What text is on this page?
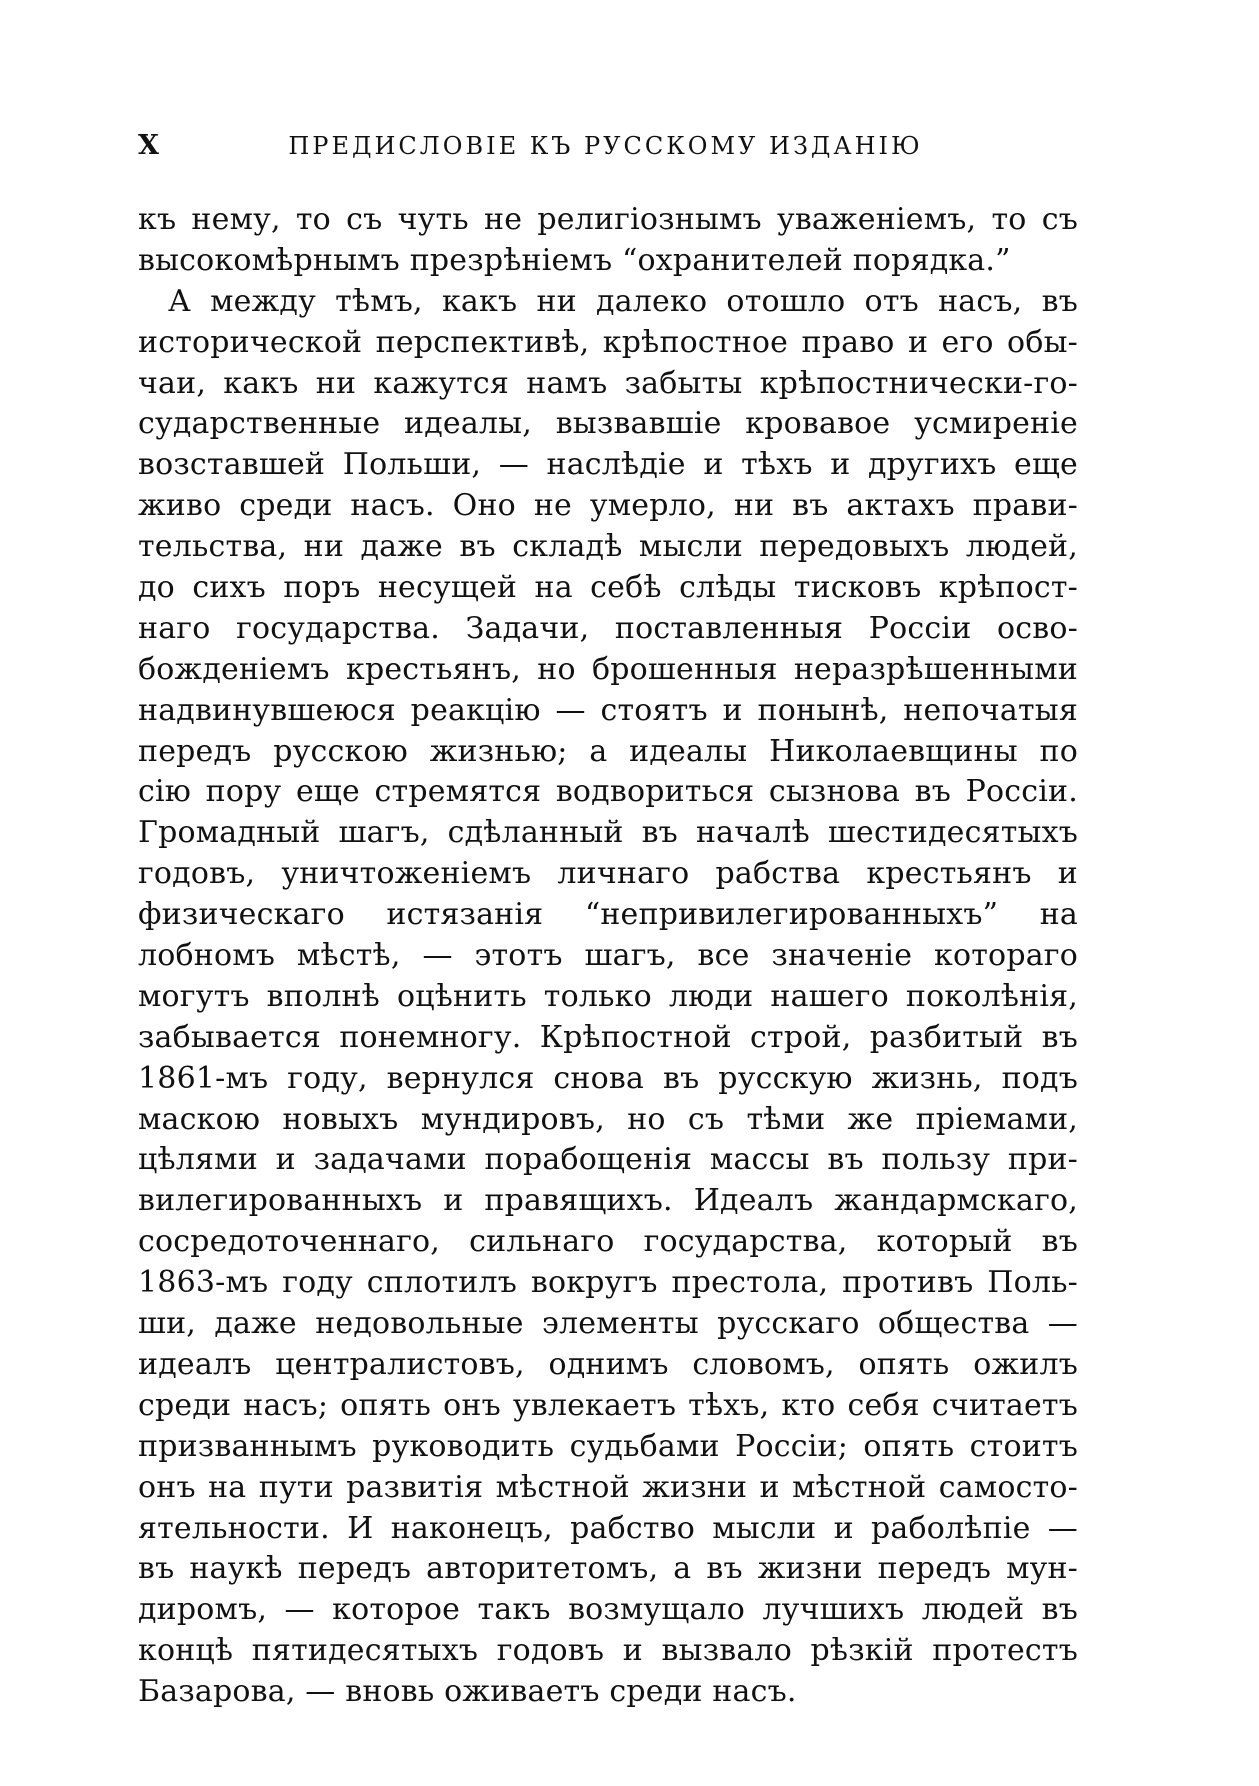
X	ПРЕДИСЛОВІЕ КЪ РУССКОМУ ИЗДАНІЮ
къ нему, то съ чуть не религіознымъ уваженіемъ, то съ
высокомѣрнымъ презрѣніемъ “охранителей порядка.”
А между тѣмъ, какъ ни далеко отошло отъ насъ, въ
исторической перспективѣ, крѣпостное право и его обы-
чаи, какъ ни кажутся намъ забыты крѣпостнически-го-
сударственные идеалы, вызвавшіе кровавое усмиреніе
возставшей Польши, — наслѣдіе и тѣхъ и другихъ еще
живо среди насъ. Оно не умерло, ни въ актахъ прави-
тельства, ни даже въ складѣ мысли передовыхъ людей,
до сихъ поръ несущей на себѣ слѣды тисковъ крѣпост-
наго государства. Задачи, поставленныя Россіи осво-
божденіемъ крестьянъ, но брошенныя неразрѣшенными
надвинувшеюся реакцію — стоятъ и понынѣ, непочатыя
передъ русскою жизнью; а идеалы Николаевщины по
сію пору еще стремятся водвориться сызнова въ Россіи.
Громадный шагъ, сдѣланный въ началѣ шестидесятыхъ
годовъ, уничтоженіемъ личнаго рабства крестьянъ и
физическаго истязанія “непривилегированныхъ” на
лобномъ мѣстѣ, — этотъ шагъ, все значеніе котораго
могутъ вполнѣ оцѣнить только люди нашего поколѣнія,
забывается понемногу. Крѣпостной строй, разбитый въ
1861-мъ году, вернулся снова въ русскую жизнь, подъ
маскою новыхъ мундировъ, но съ тѣми же пріемами,
цѣлями и задачами порабощенія массы въ пользу при-
вилегированныхъ и правящихъ. Идеалъ жандармскаго,
сосредоточеннаго, сильнаго государства, который въ
1863-мъ году сплотилъ вокругъ престола, противъ Поль-
ши, даже недовольные элементы русскаго общества —
идеалъ централистовъ, однимъ словомъ, опять ожилъ
среди насъ; опять онъ увлекаетъ тѣхъ, кто себя считаетъ
призваннымъ руководить судьбами Россіи; опять стоитъ
онъ на пути развитія мѣстной жизни и мѣстной самосто-
ятельности. И наконецъ, рабство мысли и раболѣпіе —
въ наукѣ передъ авторитетомъ, а въ жизни передъ мун-
диромъ, — которое такъ возмущало лучшихъ людей въ
концѣ пятидесятыхъ годовъ и вызвало рѣзкій протестъ
Базарова, — вновь оживаетъ среди насъ.
